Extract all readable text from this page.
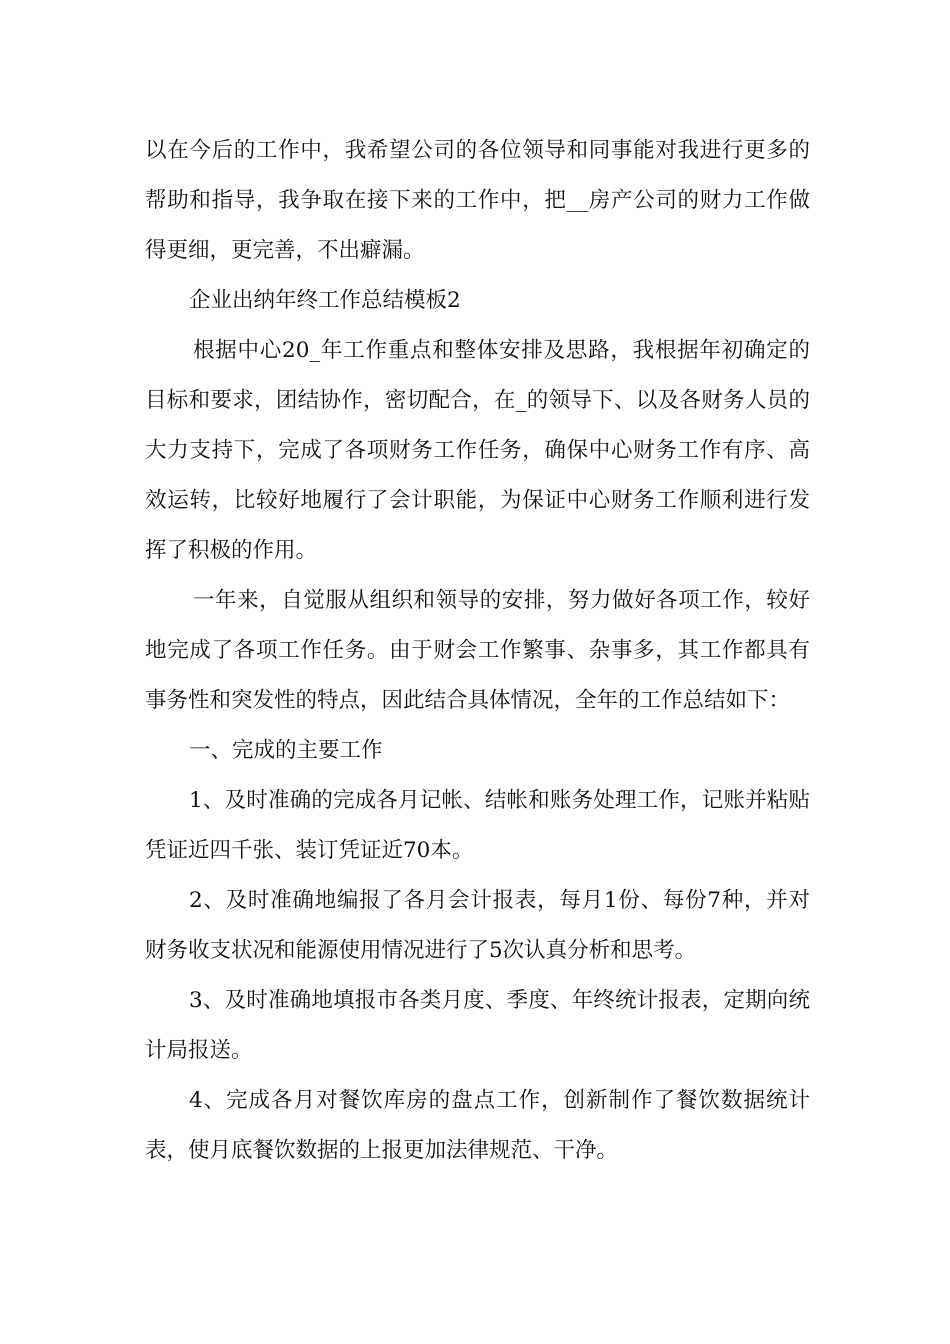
以在今后的工作中，我希望公司的各位领导和同事能对我进行更多的帮助和指导，我争取在接下来的工作中，把__房产公司的财力工作做得更细，更完善，不出癖漏。

企业出纳年终工作总结模板2

根据中心20_年工作重点和整体安排及思路，我根据年初确定的目标和要求，团结协作，密切配合，在_的领导下、以及各财务人员的大力支持下，完成了各项财务工作任务，确保中心财务工作有序、高效运转，比较好地履行了会计职能，为保证中心财务工作顺利进行发挥了积极的作用。

一年来，自觉服从组织和领导的安排，努力做好各项工作，较好地完成了各项工作任务。由于财会工作繁事、杂事多，其工作都具有事务性和突发性的特点，因此结合具体情况，全年的工作总结如下：

一、完成的主要工作

1、及时准确的完成各月记帐、结帐和账务处理工作，记账并粘贴凭证近四千张、装订凭证近70本。

2、及时准确地编报了各月会计报表，每月1份、每份7种，并对财务收支状况和能源使用情况进行了5次认真分析和思考。

3、及时准确地填报市各类月度、季度、年终统计报表，定期向统计局报送。

4、完成各月对餐饮库房的盘点工作，创新制作了餐饮数据统计表，使月底餐饮数据的上报更加法律规范、干净。
